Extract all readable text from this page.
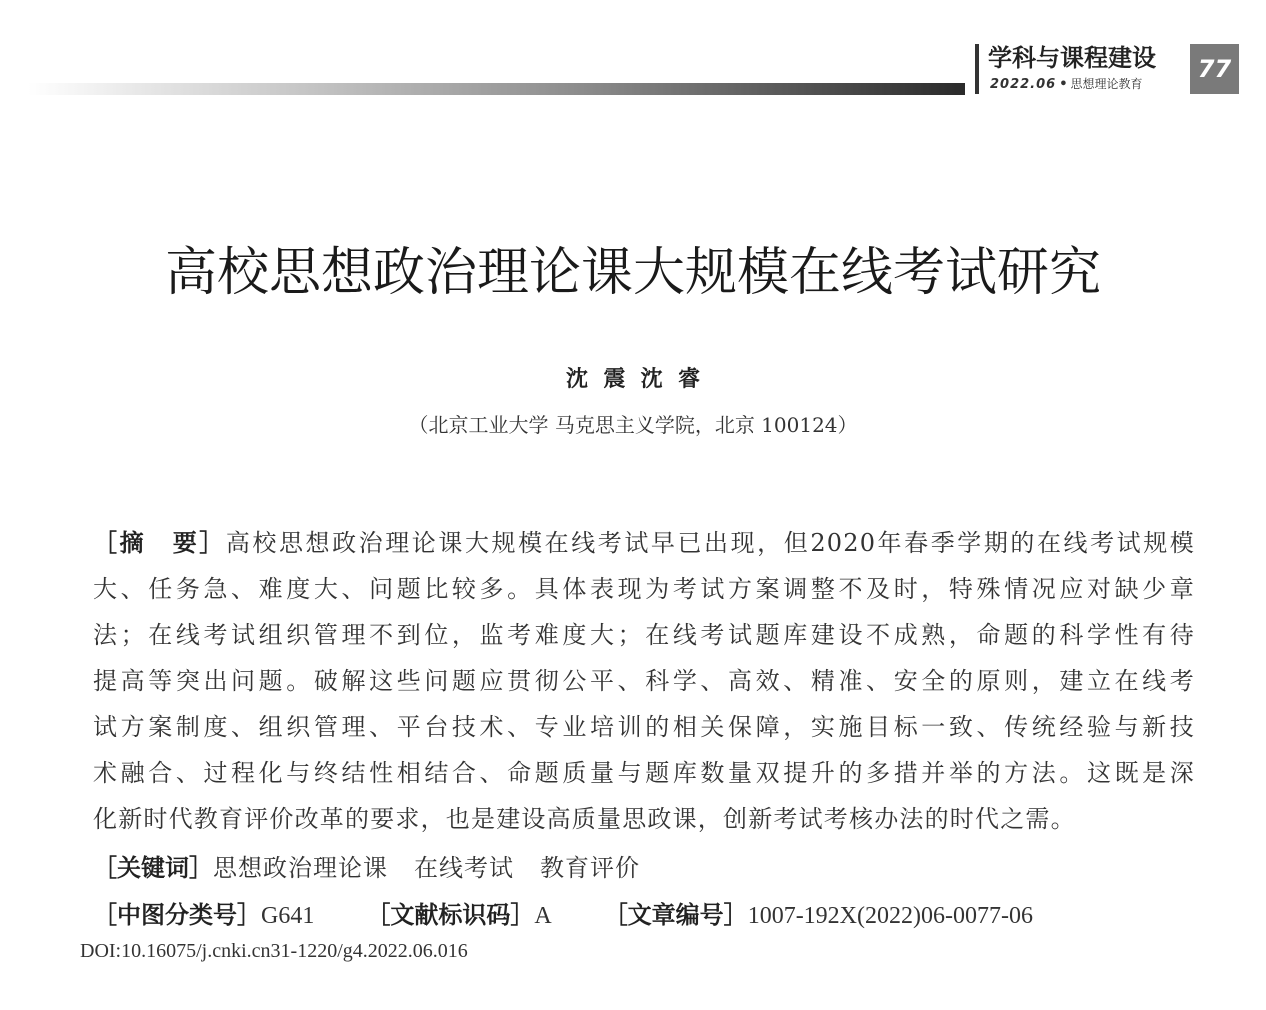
学科与课程建设
2022.06 • 思想理论教育
77
高校思想政治理论课大规模在线考试研究
沈  震  沈  睿
（北京工业大学 马克思主义学院，北京 100124）
［摘　要］高校思想政治理论课大规模在线考试早已出现，但2020年春季学期的在线考试规模
大、任务急、难度大、问题比较多。具体表现为考试方案调整不及时，特殊情况应对缺少章
法；在线考试组织管理不到位，监考难度大；在线考试题库建设不成熟，命题的科学性有待
提高等突出问题。破解这些问题应贯彻公平、科学、高效、精准、安全的原则，建立在线考
试方案制度、组织管理、平台技术、专业培训的相关保障，实施目标一致、传统经验与新技
术融合、过程化与终结性相结合、命题质量与题库数量双提升的多措并举的方法。这既是深
化新时代教育评价改革的要求，也是建设高质量思政课，创新考试考核办法的时代之需。
［关键词］思想政治理论课 在线考试 教育评价
［中图分类号］G641 ［文献标识码］A ［文章编号］1007-192X(2022)06-0077-06
DOI:10.16075/j.cnki.cn31-1220/g4.2022.06.016
